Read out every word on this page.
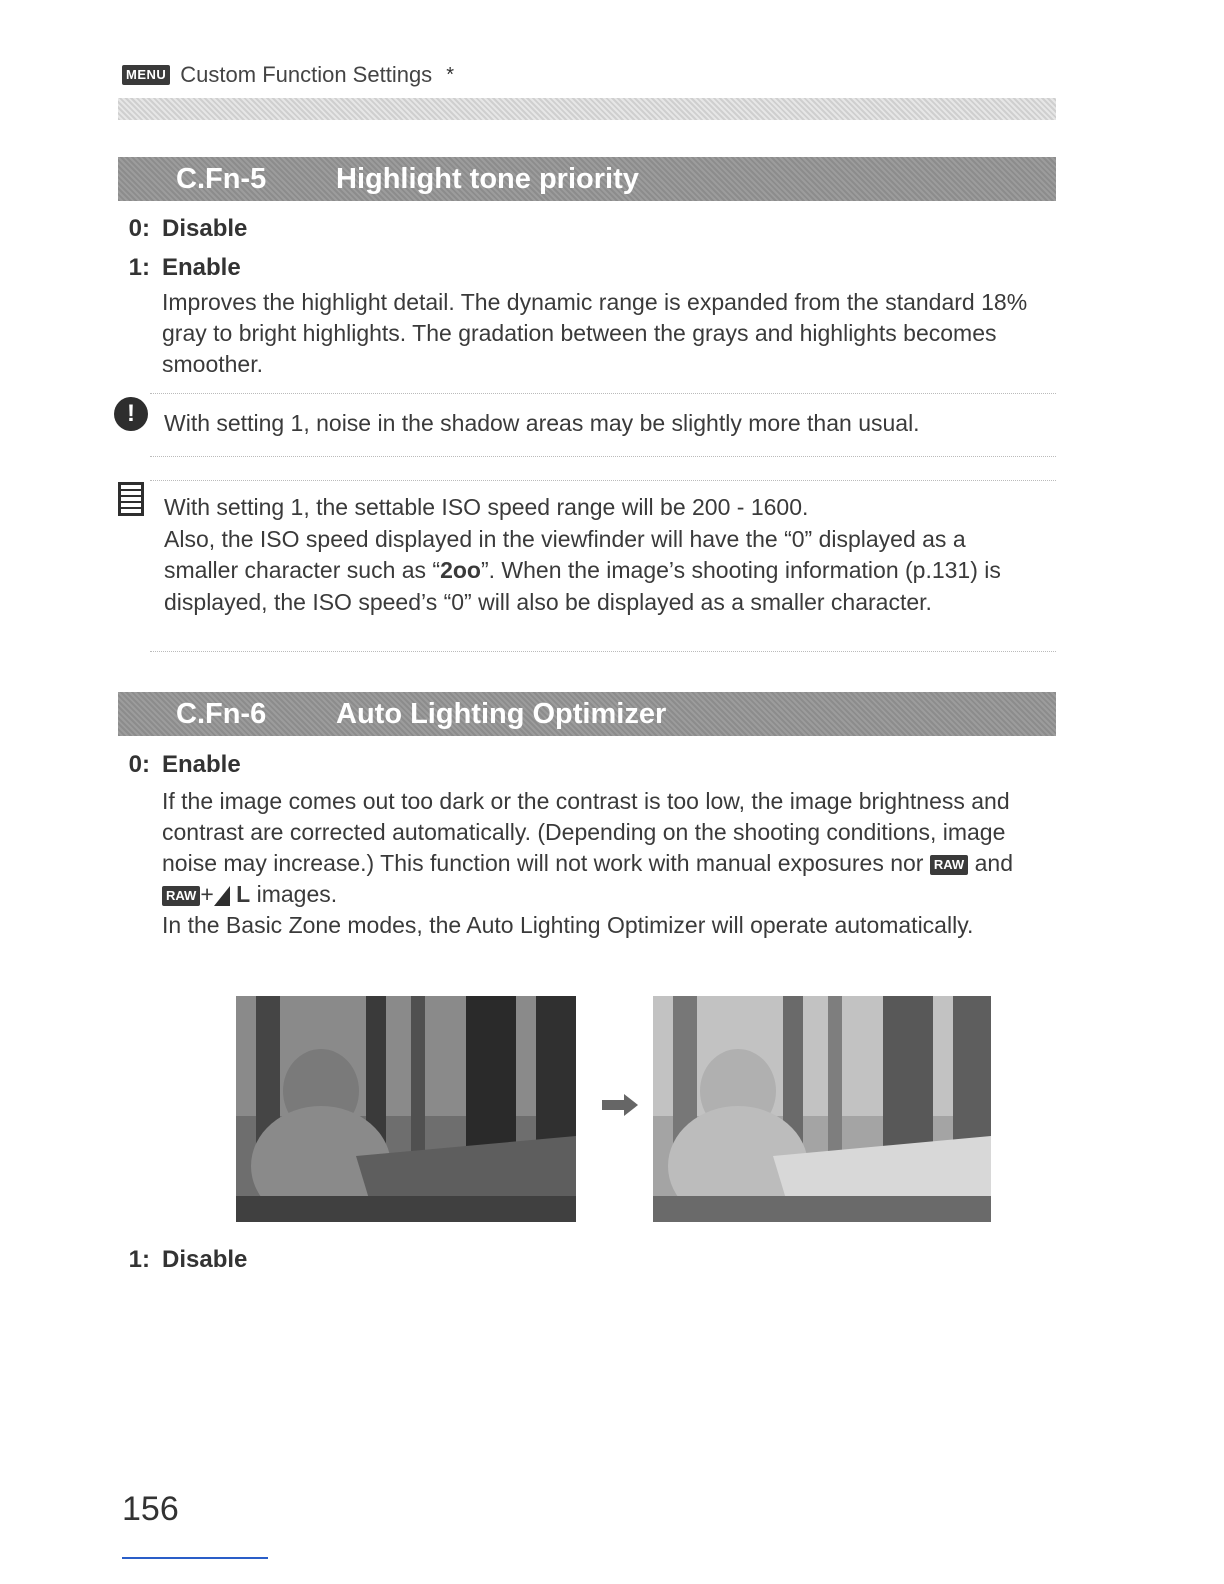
MENU Custom Function Settings *
C.Fn-5	Highlight tone priority
0: Disable
1: Enable
Improves the highlight detail. The dynamic range is expanded from the standard 18% gray to bright highlights. The gradation between the grays and highlights becomes smoother.
!	With setting 1, noise in the shadow areas may be slightly more than usual.
With setting 1, the settable ISO speed range will be 200 - 1600.
Also, the ISO speed displayed in the viewfinder will have the “0” displayed as a smaller character such as “2oo”. When the image’s shooting information (p.131) is displayed, the ISO speed’s “0” will also be displayed as a smaller character.
C.Fn-6	Auto Lighting Optimizer
0: Enable
If the image comes out too dark or the contrast is too low, the image brightness and contrast are corrected automatically. (Depending on the shooting conditions, image noise may increase.) This function will not work with manual exposures nor RAW and RAW + L images.
In the Basic Zone modes, the Auto Lighting Optimizer will operate automatically.
1: Disable
156
